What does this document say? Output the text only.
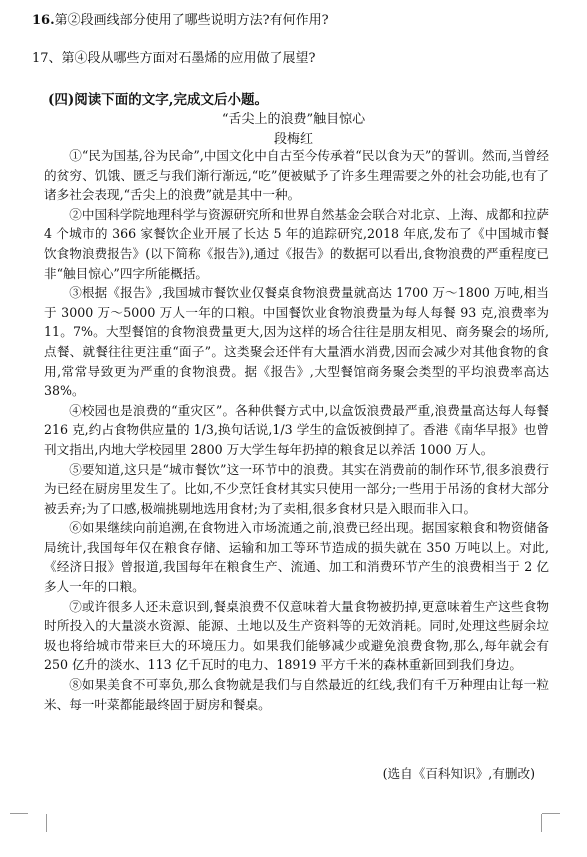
16.第②段画线部分使用了哪些说明方法?有何作用?
17、第④段从哪些方面对石墨烯的应用做了展望?
(四)阅读下面的文字,完成文后小题。
“舌尖上的浪费”触目惊心
段梅红

①“民为国基,谷为民命”,中国文化中自古至今传承着“民以食为天”的誓训。然而,当曾经的贫穷、饥饿、匮乏与我们渐行渐远,“吃”便被赋予了许多生理需要之外的社会功能,也有了诸多社会表现,“舌尖上的浪费”就是其中一种。

②中国科学院地理科学与资源研究所和世界自然基金会联合对北京、上海、成都和拉萨 4 个城市的 366 家餐饮企业开展了长达 5 年的追踪研究,2018 年底,发布了《中国城市餐饮食物浪费报告》(以下简称《报告》),通过《报告》的数据可以看出,食物浪费的严重程度已非“触目惊心”四字所能概括。

③根据《报告》,我国城市餐饮业仅餐桌食物浪费量就高达 1700 万～1800 万吨,相当于 3000 万～5000 万人一年的口粮。中国餐饮业食物浪费量为每人每餐 93 克,浪费率为 11。7%。大型餐馆的食物浪费量更大,因为这样的场合往往是朋友相见、商务聚会的场所,点餐、就餐往往更注重“面子”。这类聚会还伴有大量酒水消费,因而会减少对其他食物的食用,常常导致更为严重的食物浪费。据《报告》,大型餐馆商务聚会类型的平均浪费率高达 38%。

④校园也是浪费的“重灾区”。各种供餐方式中,以盒饭浪费最严重,浪费量高达每人每餐 216 克,约占食物供应量的 1/3,换句话说,1/3 学生的盒饭被倒掉了。香港《南华早报》也曾刊文指出,内地大学校园里 2800 万大学生每年扔掉的粮食足以养活 1000 万人。

⑤要知道,这只是“城市餐饮”这一环节中的浪费。其实在消费前的制作环节,很多浪费行为已经在厨房里发生了。比如,不少烹饪食材其实只使用一部分;一些用于吊汤的食材大部分被丢弃;为了口感,极端挑剔地选用食材;为了卖相,很多食材只是入眼而非入口。

⑥如果继续向前追溯,在食物进入市场流通之前,浪费已经出现。据国家粮食和物资储备局统计,我国每年仅在粮食存储、运输和加工等环节造成的损失就在 350 万吨以上。对此,《经济日报》曾报道,我国每年在粮食生产、流通、加工和消费环节产生的浪费相当于 2 亿多人一年的口粮。

⑦或许很多人还未意识到,餐桌浪费不仅意味着大量食物被扔掉,更意味着生产这些食物时所投入的大量淡水资源、能源、土地以及生产资料等的无效消耗。同时,处理这些厨余垃圾也将给城市带来巨大的环境压力。如果我们能够减少或避免浪费食物,那么,每年就会有 250 亿升的淡水、113 亿千瓦时的电力、18919 平方千米的森林重新回到我们身边。

⑧如果美食不可辜负,那么食物就是我们与自然最近的红线,我们有千万种理由让每一粒米、每一叶菜都能最终固于厨房和餐桌。

(选自《百科知识》,有删改)
